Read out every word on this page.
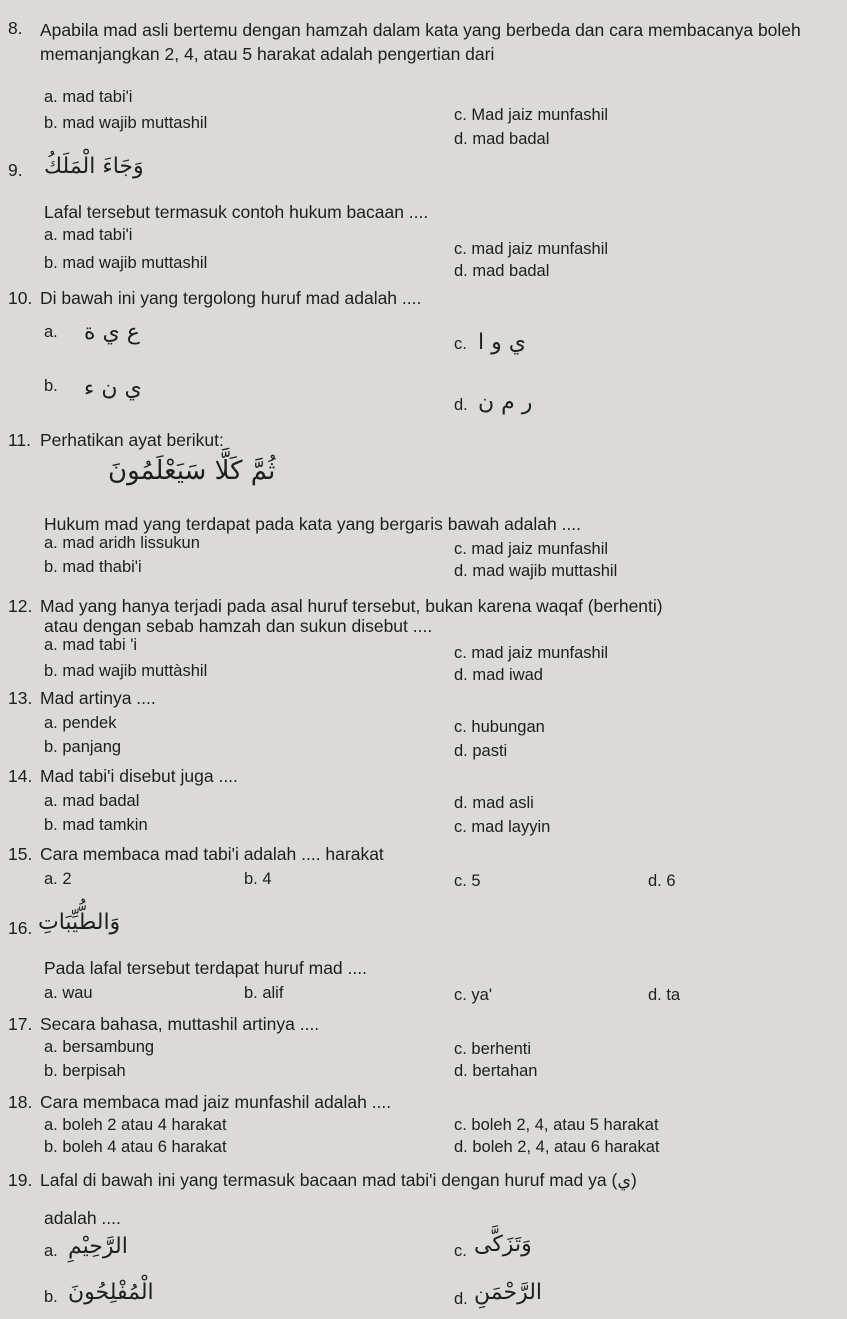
8. Apabila mad asli bertemu dengan hamzah dalam kata yang berbeda dan cara membacanya boleh memanjangkan 2, 4, atau 5 harakat adalah pengertian dari
a. mad tabi'i
c. Mad jaiz munfashil
b. mad wajib muttashil
d. mad badal
9. وَجَاءَ الْمَلَكُ
Lafal tersebut termasuk contoh hukum bacaan ....
a. mad tabi'i
c. mad jaiz munfashil
b. mad wajib muttashil	d. mad badal
10. Di bawah ini yang tergolong huruf mad adalah ....
a. ع ي ة	c. ي و ا
b. ي ن ء
d. ر م ن
11. Perhatikan ayat berikut:
ثُمَّ كَلَّا سَيَعْلَمُونَ
Hukum mad yang terdapat pada kata yang bergaris bawah adalah ....
a. mad aridh lissukun	c. mad jaiz munfashil
b. mad thabi'i	d. mad wajib muttashil
12. Mad yang hanya terjadi pada asal huruf tersebut, bukan karena waqaf (berhenti)
atau dengan sebab hamzah dan sukun disebut ....
a. mad tabi 'i	c. mad jaiz munfashil
b. mad wajib muttàshil	d. mad iwad
13. Mad artinya ....
a. pendek	c. hubungan
b. panjang	d. pasti
14. Mad tabi'i disebut juga ....
a. mad badal	d. mad asli
b. mad tamkin	c. mad layyin
15. Cara membaca mad tabi'i adalah .... harakat
a. 2	b. 4	c. 5	d. 6
16. وَالطُّيِّبَاتِ
Pada lafal tersebut terdapat huruf mad ....
a. wau	b. alif	c. ya'	d. ta
17. Secara bahasa, muttashil artinya ....
a. bersambung	c. berhenti
b. berpisah	d. bertahan
18. Cara membaca mad jaiz munfashil adalah ....
a. boleh 2 atau 4 harakat	c. boleh 2, 4, atau 5 harakat
b. boleh 4 atau 6 harakat	d. boleh 2, 4, atau 6 harakat
19. Lafal di bawah ini yang termasuk bacaan mad tabi'i dengan huruf mad ya (ي)
adalah ....
a. الرَّحِيْمِ	c. وَتَزَكَّى
b. الْمُفْلِحُونَ	d. الرَّحْمَنِ
